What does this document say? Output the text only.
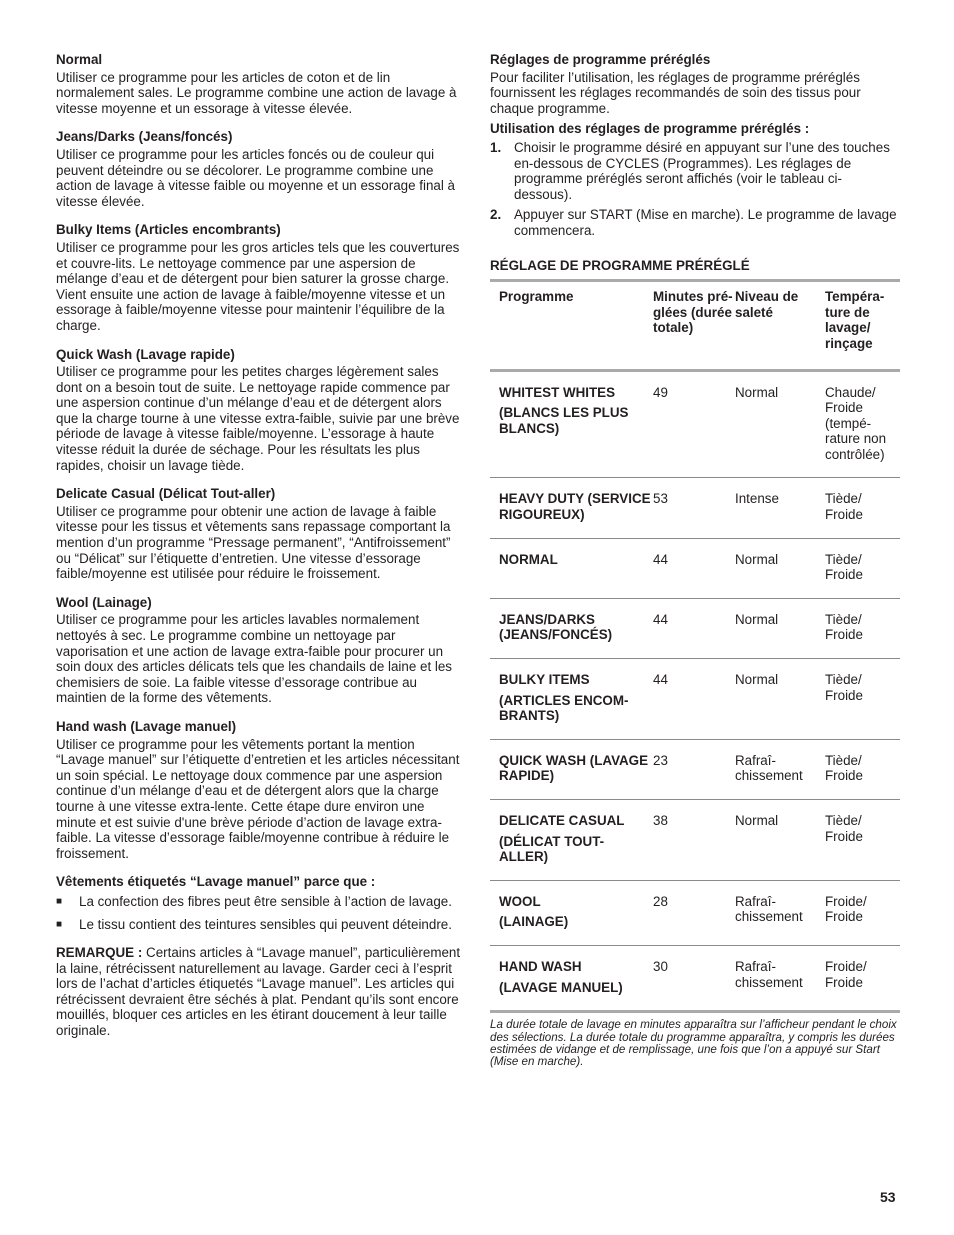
Normal
Utiliser ce programme pour les articles de coton et de lin normalement sales. Le programme combine une action de lavage à vitesse moyenne et un essorage à vitesse élevée.
Jeans/Darks (Jeans/foncés)
Utiliser ce programme pour les articles foncés ou de couleur qui peuvent déteindre ou se décolorer. Le programme combine une action de lavage à vitesse faible ou moyenne et un essorage final à vitesse élevée.
Bulky Items (Articles encombrants)
Utiliser ce programme pour les gros articles tels que les couvertures et couvre-lits. Le nettoyage commence par une aspersion de mélange d’eau et de détergent pour bien saturer la grosse charge. Vient ensuite une action de lavage à faible/moyenne vitesse et un essorage à faible/moyenne vitesse pour maintenir l’équilibre de la charge.
Quick Wash (Lavage rapide)
Utiliser ce programme pour les petites charges légèrement sales dont on a besoin tout de suite. Le nettoyage rapide commence par une aspersion continue d’un mélange d’eau et de détergent alors que la charge tourne à une vitesse extra-faible, suivie par une brève période de lavage à vitesse faible/moyenne. L’essorage à haute vitesse réduit la durée de séchage. Pour les résultats les plus rapides, choisir un lavage tiède.
Delicate Casual (Délicat Tout-aller)
Utiliser ce programme pour obtenir une action de lavage à faible vitesse pour les tissus et vêtements sans repassage comportant la mention d’un programme “Pressage permanent”, “Antifroissement” ou “Délicat” sur l’étiquette d’entretien. Une vitesse d’essorage faible/moyenne est utilisée pour réduire le froissement.
Wool (Lainage)
Utiliser ce programme pour les articles lavables normalement nettoyés à sec. Le programme combine un nettoyage par vaporisation et une action de lavage extra-faible pour procurer un soin doux des articles délicats tels que les chandails de laine et les chemisiers de soie. La faible vitesse d’essorage contribue au maintien de la forme des vêtements.
Hand wash (Lavage manuel)
Utiliser ce programme pour les vêtements portant la mention “Lavage manuel” sur l’étiquette d’entretien et les articles nécessitant un soin spécial. Le nettoyage doux commence par une aspersion continue d’un mélange d’eau et de détergent alors que la charge tourne à une vitesse extra-lente. Cette étape dure environ une minute et est suivie d'une brève période d’action de lavage extra-faible. La vitesse d’essorage faible/moyenne contribue à réduire le froissement.
Vêtements étiquetés “Lavage manuel” parce que :
■	La confection des fibres peut être sensible à l’action de lavage.
■	Le tissu contient des teintures sensibles qui peuvent déteindre.
REMARQUE : Certains articles à “Lavage manuel”, particulièrement la laine, rétrécissent naturellement au lavage. Garder ceci à l’esprit lors de l’achat d’articles étiquetés “Lavage manuel”. Les articles qui rétrécissent devraient être séchés à plat. Pendant qu’ils sont encore mouillés, bloquer ces articles en les étirant doucement à leur taille originale.
Réglages de programme préréglés
Pour faciliter l’utilisation, les réglages de programme préréglés fournissent les réglages recommandés de soin des tissus pour chaque programme.
Utilisation des réglages de programme préréglés :
1. Choisir le programme désiré en appuyant sur l’une des touches en-dessous de CYCLES (Programmes). Les réglages de programme préréglés seront affichés (voir le tableau ci-dessous).
2. Appuyer sur START (Mise en marche). Le programme de lavage commencera.
RÉGLAGE DE PROGRAMME PRÉRÉGLÉ
Programme	Minutes pré- glées (durée totale)	Niveau de saleté	Tempéra- ture de lavage/ rinçage

WHITEST WHITES
(BLANCS LES PLUS BLANCS)	49	Normal	Chaude/ Froide (tempé- rature non contrôlée)

HEAVY DUTY (SERVICE RIGOUREUX)	53	Intense	Tiède/ Froide

NORMAL	44	Normal	Tiède/ Froide

JEANS/DARKS (JEANS/FONCÉS)	44	Normal	Tiède/ Froide

BULKY ITEMS
(ARTICLES ENCOM- BRANTS)	44	Normal	Tiède/ Froide

QUICK WASH (LAVAGE RAPIDE)	23	Rafraî- chissement	Tiède/ Froide

DELICATE CASUAL
(DÉLICAT TOUT- ALLER)	38	Normal	Tiède/ Froide

WOOL
(LAINAGE)	28	Rafraî- chissement	Froide/ Froide

HAND WASH
(LAVAGE MANUEL)	30	Rafraî- chissement	Froide/ Froide
La durée totale de lavage en minutes apparaîtra sur l’afficheur pendant le choix des sélections. La durée totale du programme apparaîtra, y compris les durées estimées de vidange et de remplissage, une fois que l’on a appuyé sur Start (Mise en marche).
53
